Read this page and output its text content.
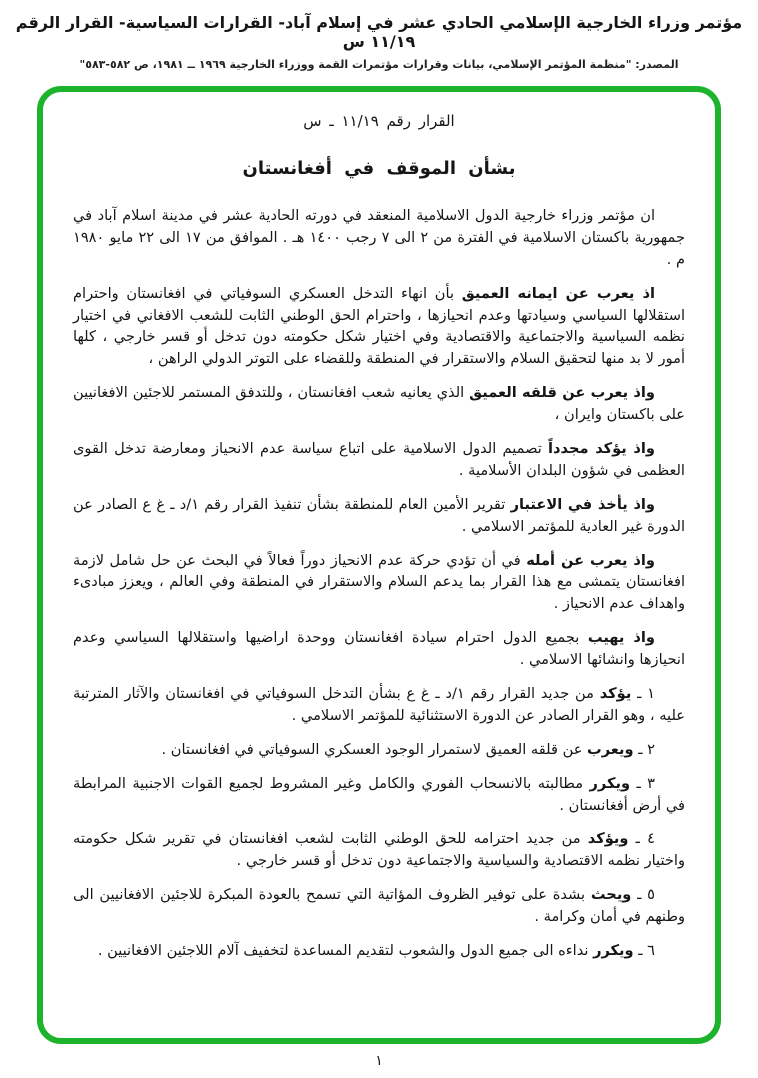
مؤتمر وزراء الخارجية الإسلامي الحادي عشر في إسلام آباد- القرارات السياسية- القرار الرقم ١١/١٩ س
المصدر: "منظمة المؤتمر الإسلامي، بيانات وقرارات مؤتمرات القمة ووزراء الخارجية ١٩٦٩ ــ ١٩٨١، ص ٥٨٢-٥٨٣"
القرار رقم ١١/١٩ ـ س
بشأن الموقف في أفغانستان

ان مؤتمر وزراء خارجية الدول الاسلامية المنعقد في دورته الحادية عشر في مدينة اسلام آباد في جمهورية باكستان الاسلامية في الفترة من ٢ الى ٧ رجب ١٤٠٠ هـ . الموافق من ١٧ الى ٢٢ مايو ١٩٨٠ م .

اذ يعرب عن ايمانه العميق بأن انهاء التدخل العسكري السوفياتي في افغانستان واحترام استقلالها السياسي وسيادتها وعدم انحيازها ، واحترام الحق الوطني الثابت للشعب الافغاني في اختيار نظمه السياسية والاجتماعية والاقتصادية وفي اختيار شكل حكومته دون تدخل أو قسر خارجي ، كلها أمور لا بد منها لتحقيق السلام والاستقرار في المنطقة وللقضاء على التوتر الدولي الراهن ،

واذ يعرب عن قلقه العميق الذي يعانيه شعب افغانستان ، وللتدفق المستمر للاجئين الافغانيين على باكستان وايران ،

واذ يؤكد مجدداً تصميم الدول الاسلامية على اتباع سياسة عدم الانحياز ومعارضة تدخل القوى العظمى في شؤون البلدان الأسلامية .

واذ يأخذ في الاعتبار تقرير الأمين العام للمنطقة بشأن تنفيذ القرار رقم ١/د ـ غ ع الصادر عن الدورة غير العادية للمؤتمر الاسلامي .

واذ يعرب عن أمله في أن تؤدي حركة عدم الانحياز دوراً فعالاً في البحث عن حل شامل لازمة افغانستان يتمشى مع هذا القرار بما يدعم السلام والاستقرار في المنطقة وفي العالم ، ويعزز مبادىء واهداف عدم الانحياز .

واذ يهيب بجميع الدول احترام سيادة افغانستان ووحدة اراضيها واستقلالها السياسي وعدم انحيازها وانشائها الاسلامي .

١ ـ يؤكد من جديد القرار رقم ١/د ـ غ ع بشأن التدخل السوفياتي في افغانستان والآثار المترتبة عليه ، وهو القرار الصادر عن الدورة الاستثنائية للمؤتمر الاسلامي .

٢ ـ ويعرب عن قلقه العميق لاستمرار الوجود العسكري السوفياتي في افغانستان .

٣ ـ ويكرر مطالبته بالانسحاب الفوري والكامل وغير المشروط لجميع القوات الاجنبية المرابطة في أرض أفغانستان .

٤ ـ ويؤكد من جديد احترامه للحق الوطني الثابت لشعب افغانستان في تقرير شكل حكومته واختيار نظمه الاقتصادية والسياسية والاجتماعية دون تدخل أو قسر خارجي .

٥ ـ ويحث بشدة على توفير الظروف المؤاتية التي تسمح بالعودة المبكرة للاجئين الافغانيين الى وطنهم في أمان وكرامة .

٦ ـ ويكرر نداءه الى جميع الدول والشعوب لتقديم المساعدة لتخفيف آلام اللاجئين الافغانيين .

١
